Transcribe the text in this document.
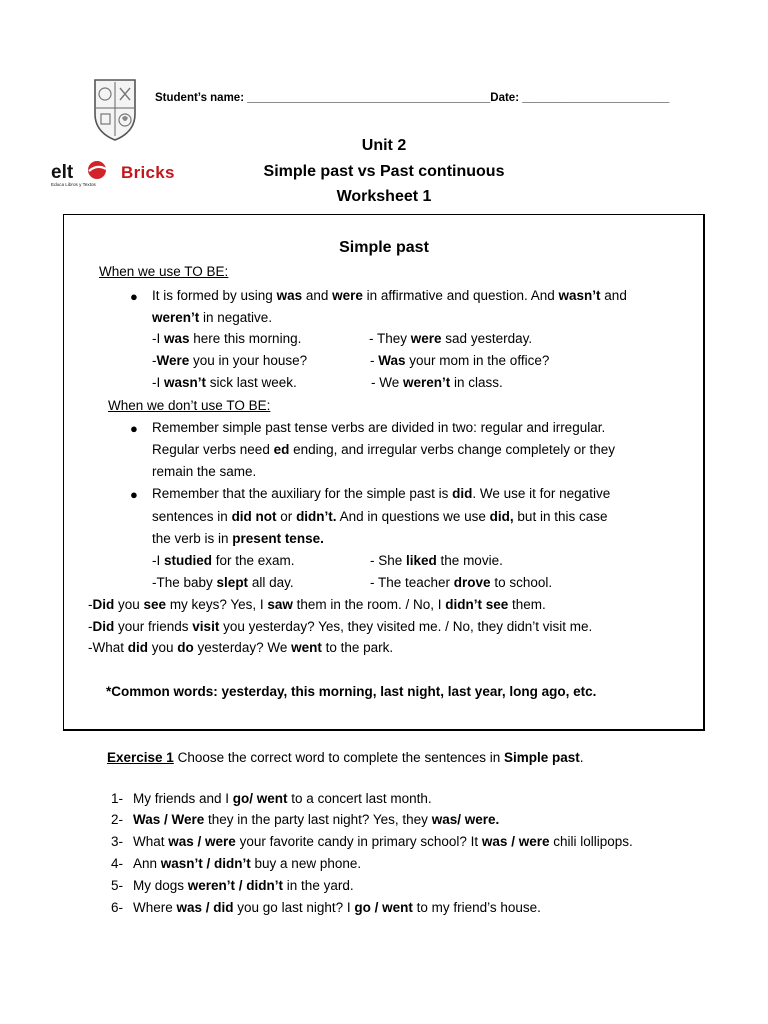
Student’s name: ______________________________________Date: _______________________
Unit 2
Simple past vs Past continuous
Worksheet 1
elt
Educa Libros y Textos
Bricks
Simple past
When we use TO BE:
● It is formed by using was and were in affirmative and question. And wasn’t and
weren’t in negative.
-I was here this morning.	- They were sad yesterday.
-Were you in your house?	- Was your mom in the office?
-I wasn’t sick last week.	- We weren’t in class.
When we don’t use TO BE:
● Remember simple past tense verbs are divided in two: regular and irregular.
Regular verbs need ed ending, and irregular verbs change completely or they
remain the same.
● Remember that the auxiliary for the simple past is did. We use it for negative
sentences in did not or didn’t. And in questions we use did, but in this case
the verb is in present tense.
-I studied for the exam.	- She liked the movie.
-The baby slept all day.	- The teacher drove to school.
-Did you see my keys? Yes, I saw them in the room. / No, I didn’t see them.
-Did your friends visit you yesterday? Yes, they visited me. / No, they didn’t visit me.
-What did you do yesterday? We went to the park.
*Common words: yesterday, this morning, last night, last year, long ago, etc.
Exercise 1 Choose the correct word to complete the sentences in Simple past.
1- My friends and I go/ went to a concert last month.
2- Was / Were they in the party last night? Yes, they was/ were.
3- What was / were your favorite candy in primary school? It was / were chili lollipops.
4- Ann wasn’t / didn’t buy a new phone.
5- My dogs weren’t / didn’t in the yard.
6- Where was / did you go last night? I go / went to my friend’s house.
